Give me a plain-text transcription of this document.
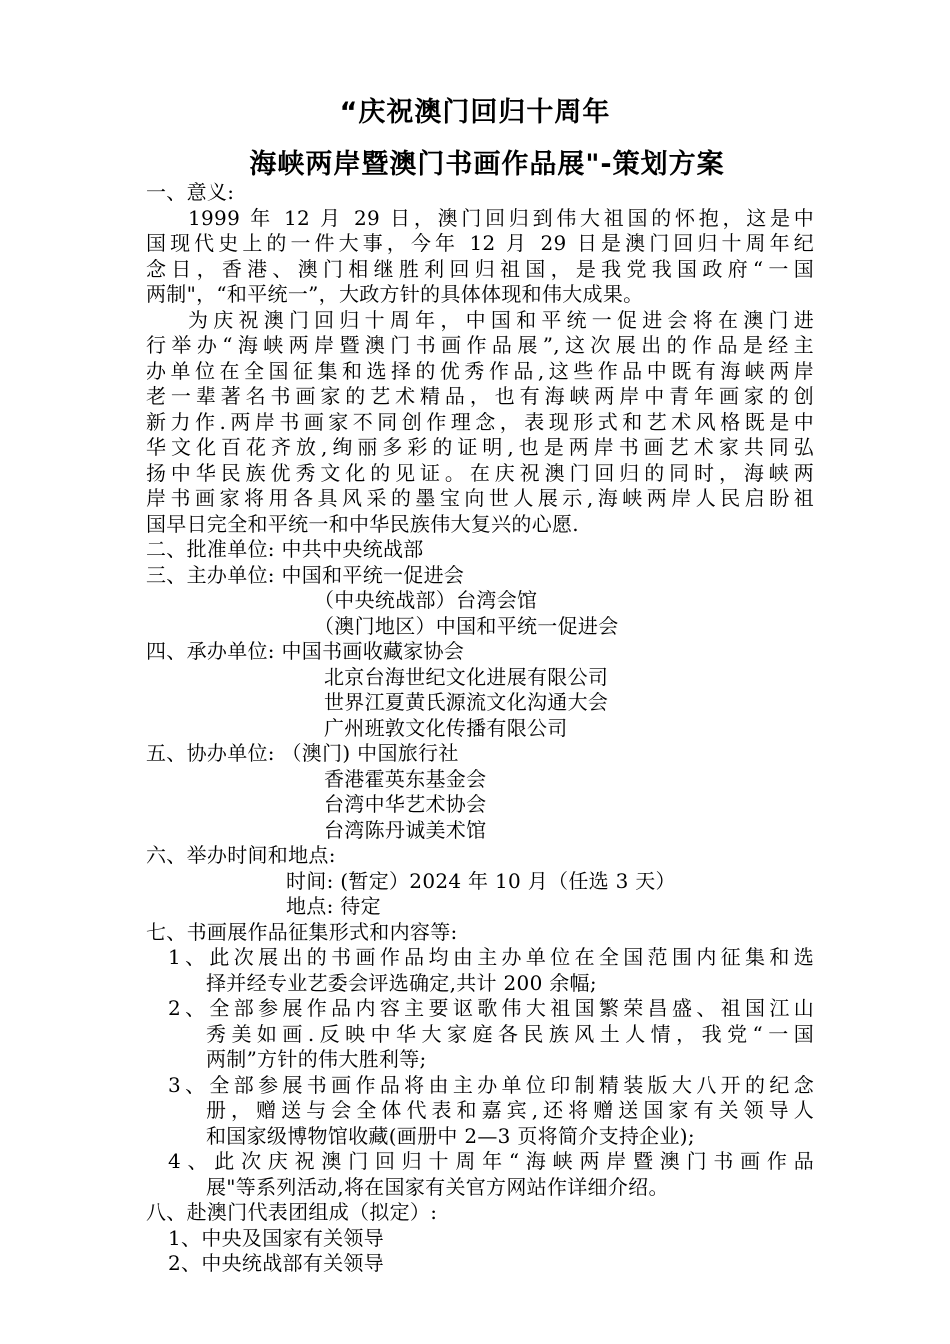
“庆祝澳门回归十周年
海峡两岸暨澳门书画作品展"-策划方案
一、意义:
1999 年 12 月 29 日，澳门回归到伟大祖国的怀抱，这是中
国现代史上的一件大事，今年 12 月 29 日是澳门回归十周年纪
念日，香港、澳门相继胜利回归祖国，是我党我国政府“一国
两制"，“和平统一”，大政方针的具体体现和伟大成果。
为庆祝澳门回归十周年，中国和平统一促进会将在澳门进
行举办“海峡两岸暨澳门书画作品展”,这次展出的作品是经主
办单位在全国征集和选择的优秀作品,这些作品中既有海峡两岸
老一辈著名书画家的艺术精品，也有海峡两岸中青年画家的创
新力作.两岸书画家不同创作理念，表现形式和艺术风格既是中
华文化百花齐放,绚丽多彩的证明,也是两岸书画艺术家共同弘
扬中华民族优秀文化的见证。在庆祝澳门回归的同时，海峡两
岸书画家将用各具风采的墨宝向世人展示,海峡两岸人民启盼祖
国早日完全和平统一和中华民族伟大复兴的心愿.
二、批准单位: 中共中央统战部
三、主办单位: 中国和平统一促进会
（中央统战部）台湾会馆
（澳门地区）中国和平统一促进会
四、承办单位: 中国书画收藏家协会
北京台海世纪文化进展有限公司
世界江夏黄氏源流文化沟通大会
广州班敦文化传播有限公司
五、协办单位: （澳门) 中国旅行社
香港霍英东基金会
台湾中华艺术协会
台湾陈丹诚美术馆
六、举办时间和地点:
时间: (暂定）2024 年 10 月（任选 3 天）
地点: 待定
七、书画展作品征集形式和内容等:
1、此次展出的书画作品均由主办单位在全国范围内征集和选
择并经专业艺委会评选确定,共计 200 余幅;
2、全部参展作品内容主要讴歌伟大祖国繁荣昌盛、祖国江山
秀美如画.反映中华大家庭各民族风土人情，我党“一国
两制”方针的伟大胜利等;
3、全部参展书画作品将由主办单位印制精装版大八开的纪念
册，赠送与会全体代表和嘉宾,还将赠送国家有关领导人
和国家级博物馆收藏(画册中 2—3 页将简介支持企业);
4、此次庆祝澳门回归十周年“海峡两岸暨澳门书画作品
展"等系列活动,将在国家有关官方网站作详细介绍。
八、赴澳门代表团组成（拟定）:
1、中央及国家有关领导
2、中央统战部有关领导
